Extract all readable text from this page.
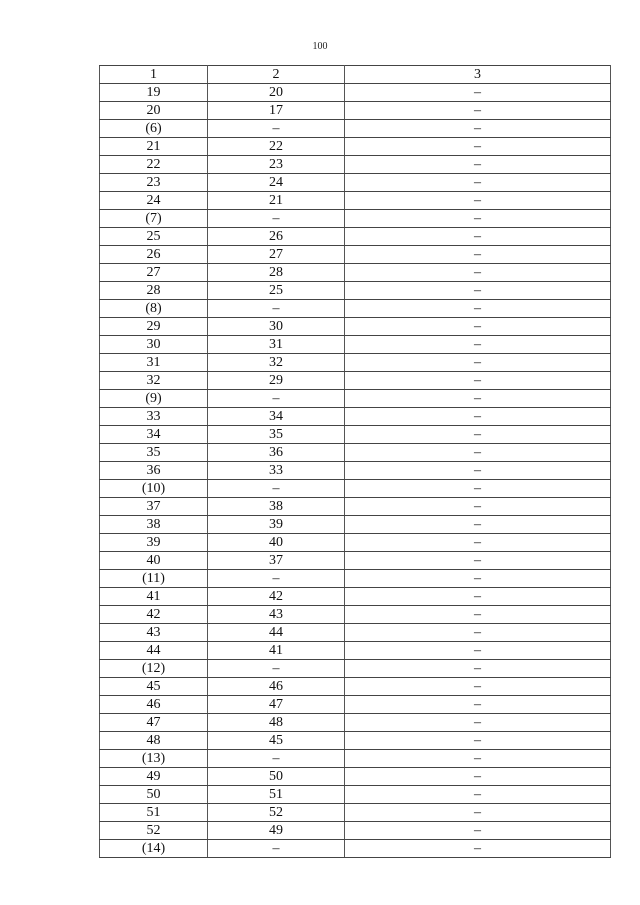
100
1	2	3
19	20	–
20	17	–
(6)	–	–
21	22	–
22	23	–
23	24	–
24	21	–
(7)	–	–
25	26	–
26	27	–
27	28	–
28	25	–
(8)	–	–
29	30	–
30	31	–
31	32	–
32	29	–
(9)	–	–
33	34	–
34	35	–
35	36	–
36	33	–
(10)	–	–
37	38	–
38	39	–
39	40	–
40	37	–
(11)	–	–
41	42	–
42	43	–
43	44	–
44	41	–
(12)	–	–
45	46	–
46	47	–
47	48	–
48	45	–
(13)	–	–
49	50	–
50	51	–
51	52	–
52	49	–
(14)	–	–
